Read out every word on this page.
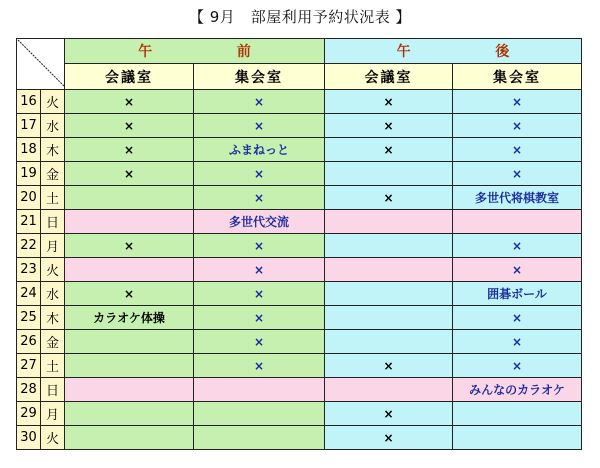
【 9月　部屋利用予約状況表 】
	午 前		午 後	
		会議室	集会室	会議室	集会室
16	火	×	×	×	×
17	水	×	×	×	×
18	木	×	ふまねっと	×	×
19	金	×	×		×
20	土		×	×	多世代将棋教室
21	日		多世代交流		
22	月	×	×		×
23	火		×		×
24	水	×	×		囲碁ボール
25	木	カラオケ体操	×		×
26	金		×		×
27	土		×	×	×
28	日				みんなのカラオケ
29	月			×	
30	火			×	
